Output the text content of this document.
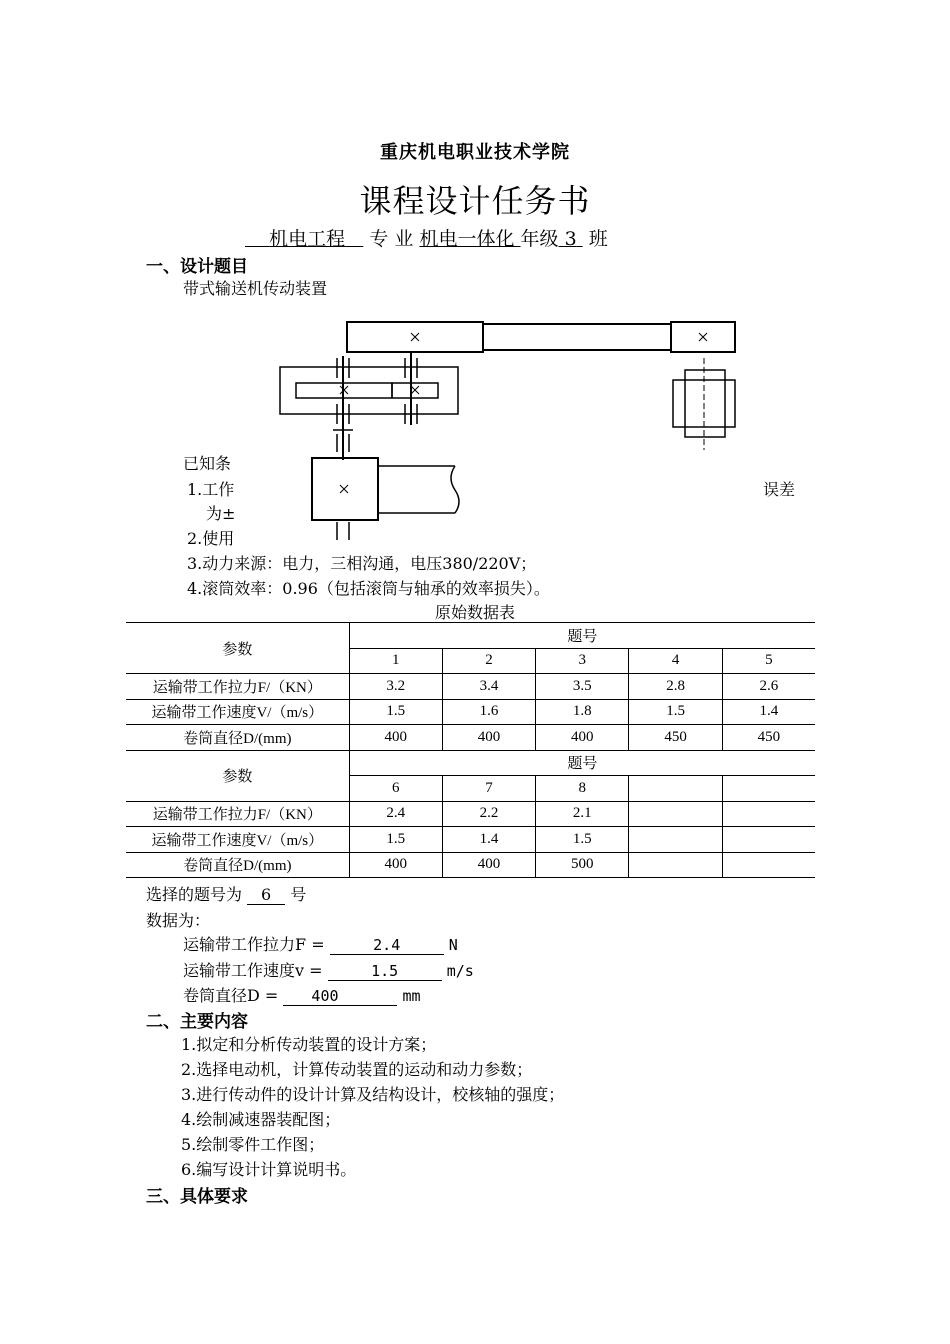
重庆机电职业技术学院
课程设计任务书
机电工程 专 业 机电一体化 年级 3 班
一、设计题目
带式输送机传动装置
已知条
1.工作	误差
为±
2.使用
3.动力来源：电力，三相沟通，电压380/220V；
4.滚筒效率：0.96（包括滚筒与轴承的效率损失）。
原始数据表
参数	题号				
	1	2	3	4	5
运输带工作拉力F/（KN）	3.2	3.4	3.5	2.8	2.6
运输带工作速度V/（m/s）	1.5	1.6	1.8	1.5	1.4
卷筒直径D/(mm)	400	400	400	450	450
参数	题号				
	6	7	8		
运输带工作拉力F/（KN）	2.4	2.2	2.1		
运输带工作速度V/（m/s）	1.5	1.4	1.5		
卷筒直径D/(mm)	400	400	500		
选择的题号为 6 号
数据为：
运输带工作拉力F =	2.4	N
运输带工作速度v =	1.5	m/s
卷筒直径D = 400	mm
二、主要内容
1.拟定和分析传动装置的设计方案；
2.选择电动机，计算传动装置的运动和动力参数；
3.进行传动件的设计计算及结构设计，校核轴的强度；
4.绘制减速器装配图；
5.绘制零件工作图；
6.编写设计计算说明书。
三、具体要求
